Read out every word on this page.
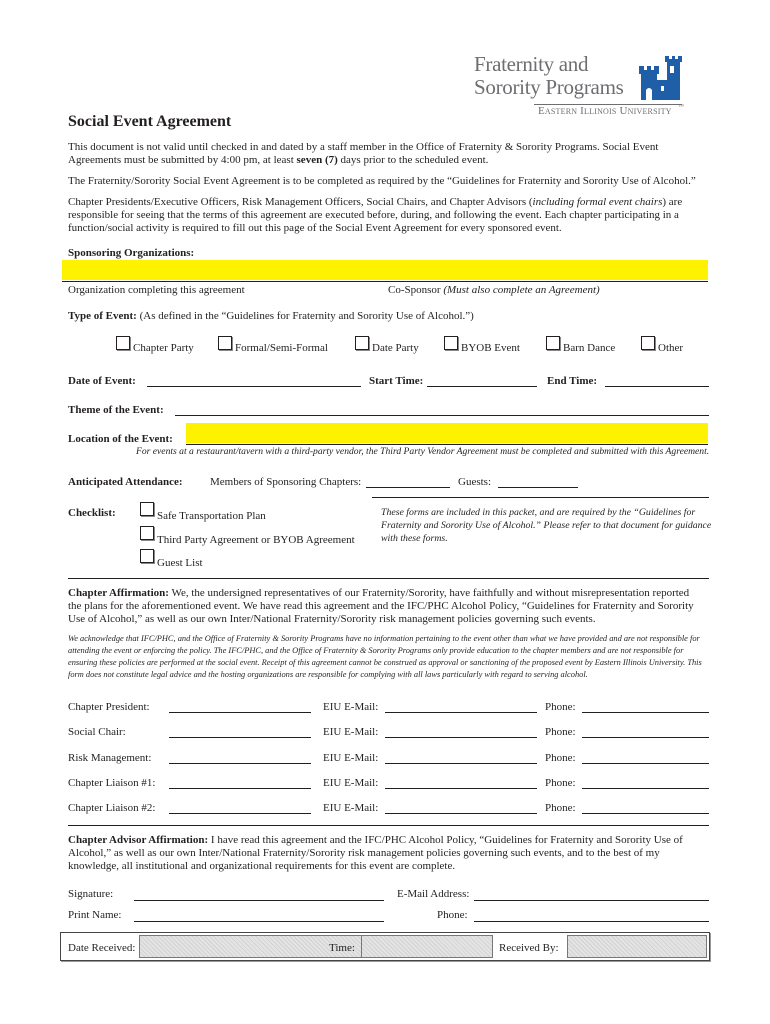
Fraternity and
Sorority Programs
Eastern Illinois University ™
Social Event Agreement
This document is not valid until checked in and dated by a staff member in the Office of Fraternity & Sorority Programs. Social Event
Agreements must be submitted by 4:00 pm, at least seven (7) days prior to the scheduled event.
The Fraternity/Sorority Social Event Agreement is to be completed as required by the “Guidelines for Fraternity and Sorority Use of Alcohol.”
Chapter Presidents/Executive Officers, Risk Management Officers, Social Chairs, and Chapter Advisors (including formal event chairs) are
responsible for seeing that the terms of this agreement are executed before, during, and following the event. Each chapter participating in a
function/social activity is required to fill out this page of the Social Event Agreement for every sponsored event.
Sponsoring Organizations:
Organization completing this agreement	Co-Sponsor (Must also complete an Agreement)
Type of Event: (As defined in the “Guidelines for Fraternity and Sorority Use of Alcohol.”)
Chapter Party	Formal/Semi-Formal	Date Party	BYOB Event	Barn Dance	Other
Date of Event:	Start Time:	End Time:
Theme of the Event:
Location of the Event:
For events at a restaurant/tavern with a third-party vendor, the Third Party Vendor Agreement must be completed and submitted with this Agreement.
Anticipated Attendance: Members of Sponsoring Chapters:	Guests:
Checklist:	Safe Transportation Plan
Third Party Agreement or BYOB Agreement
Guest List
These forms are included in this packet, and are required by the “Guidelines for
Fraternity and Sorority Use of Alcohol.” Please refer to that document for guidance
with these forms.
Chapter Affirmation: We, the undersigned representatives of our Fraternity/Sorority, have faithfully and without misrepresentation reported
the plans for the aforementioned event. We have read this agreement and the IFC/PHC Alcohol Policy, “Guidelines for Fraternity and Sorority
Use of Alcohol,” as well as our own Inter/National Fraternity/Sorority risk management policies governing such events.
We acknowledge that IFC/PHC, and the Office of Fraternity & Sorority Programs have no information pertaining to the event other than what we have provided and are not responsible for
attending the event or enforcing the policy. The IFC/PHC, and the Office of Fraternity & Sorority Programs only provide education to the chapter members and are not responsible for
ensuring these policies are performed at the social event. Receipt of this agreement cannot be construed as approval or sanctioning of the proposed event by Eastern Illinois University. This
form does not constitute legal advice and the hosting organizations are responsible for complying with all laws particularly with regard to serving alcohol.
Chapter President:	EIU E-Mail:	Phone:
Social Chair:	EIU E-Mail:	Phone:
Risk Management:	EIU E-Mail:	Phone:
Chapter Liaison #1:	EIU E-Mail:	Phone:
Chapter Liaison #2:	EIU E-Mail:	Phone:
Chapter Advisor Affirmation: I have read this agreement and the IFC/PHC Alcohol Policy, “Guidelines for Fraternity and Sorority Use of
Alcohol,” as well as our own Inter/National Fraternity/Sorority risk management policies governing such events, and to the best of my
knowledge, all institutional and organizational requirements for this event are complete.
Signature:	E-Mail Address:
Print Name:	Phone:
Date Received:	Time:	Received By:
